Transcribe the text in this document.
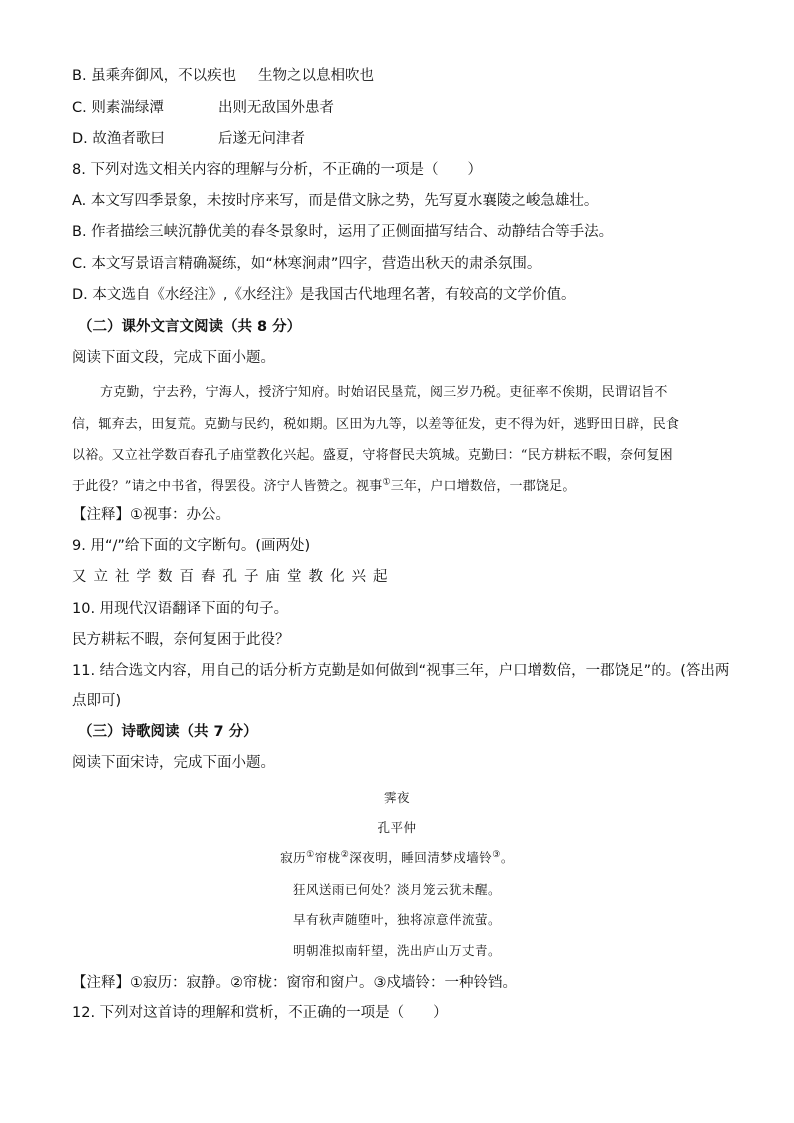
B. 虽乘奔御风，不以疾也 生物之以息相吹也
C. 则素湍绿潭	出则无敌国外患者
D. 故渔者歌曰	后遂无问津者
8. 下列对选文相关内容的理解与分析，不正确的一项是（　　）
A. 本文写四季景象，未按时序来写，而是借文脉之势，先写夏水襄陵之峻急雄壮。
B. 作者描绘三峡沉静优美的春冬景象时，运用了正侧面描写结合、动静结合等手法。
C. 本文写景语言精确凝练，如“林寒涧肃”四字，营造出秋天的肃杀氛围。
D. 本文选自《水经注》,《水经注》是我国古代地理名著，有较高的文学价值。
（二）课外文言文阅读（共 8 分）
阅读下面文段，完成下面小题。
方克勤，宁去矜，宁海人，授济宁知府。时始诏民垦荒，阅三岁乃税。吏征率不俟期，民谓诏旨不
信，辄弃去，田复荒。克勤与民约，税如期。区田为九等，以差等征发，吏不得为奸，逃野田日辟，民食
以裕。又立社学数百舂孔子庙堂教化兴起。盛夏，守将督民夫筑城。克勤曰：“民方耕耘不暇，奈何复困
于此役？”请之中书省，得罢役。济宁人皆赞之。视事①三年，户口增数倍，一郡饶足。
【注释】①视事：办公。
9. 用“/”给下面的文字断句。(画两处)
又立社学数百舂孔子庙堂教化兴起
10. 用现代汉语翻译下面的句子。
民方耕耘不暇，奈何复困于此役？
11. 结合选文内容，用自己的话分析方克勤是如何做到“视事三年，户口增数倍，一郡饶足”的。(答出两
点即可)
（三）诗歌阅读（共 7 分）
阅读下面宋诗，完成下面小题。
霁夜
孔平仲
寂历①帘栊②深夜明，睡回清梦戍墙铃③。
狂风送雨已何处？淡月笼云犹未醒。
早有秋声随堕叶，独将凉意伴流萤。
明朝准拟南轩望，洗出庐山万丈青。
【注释】①寂历：寂静。②帘栊：窗帘和窗户。③戍墙铃：一种铃铛。
12. 下列对这首诗的理解和赏析，不正确的一项是（　　）
